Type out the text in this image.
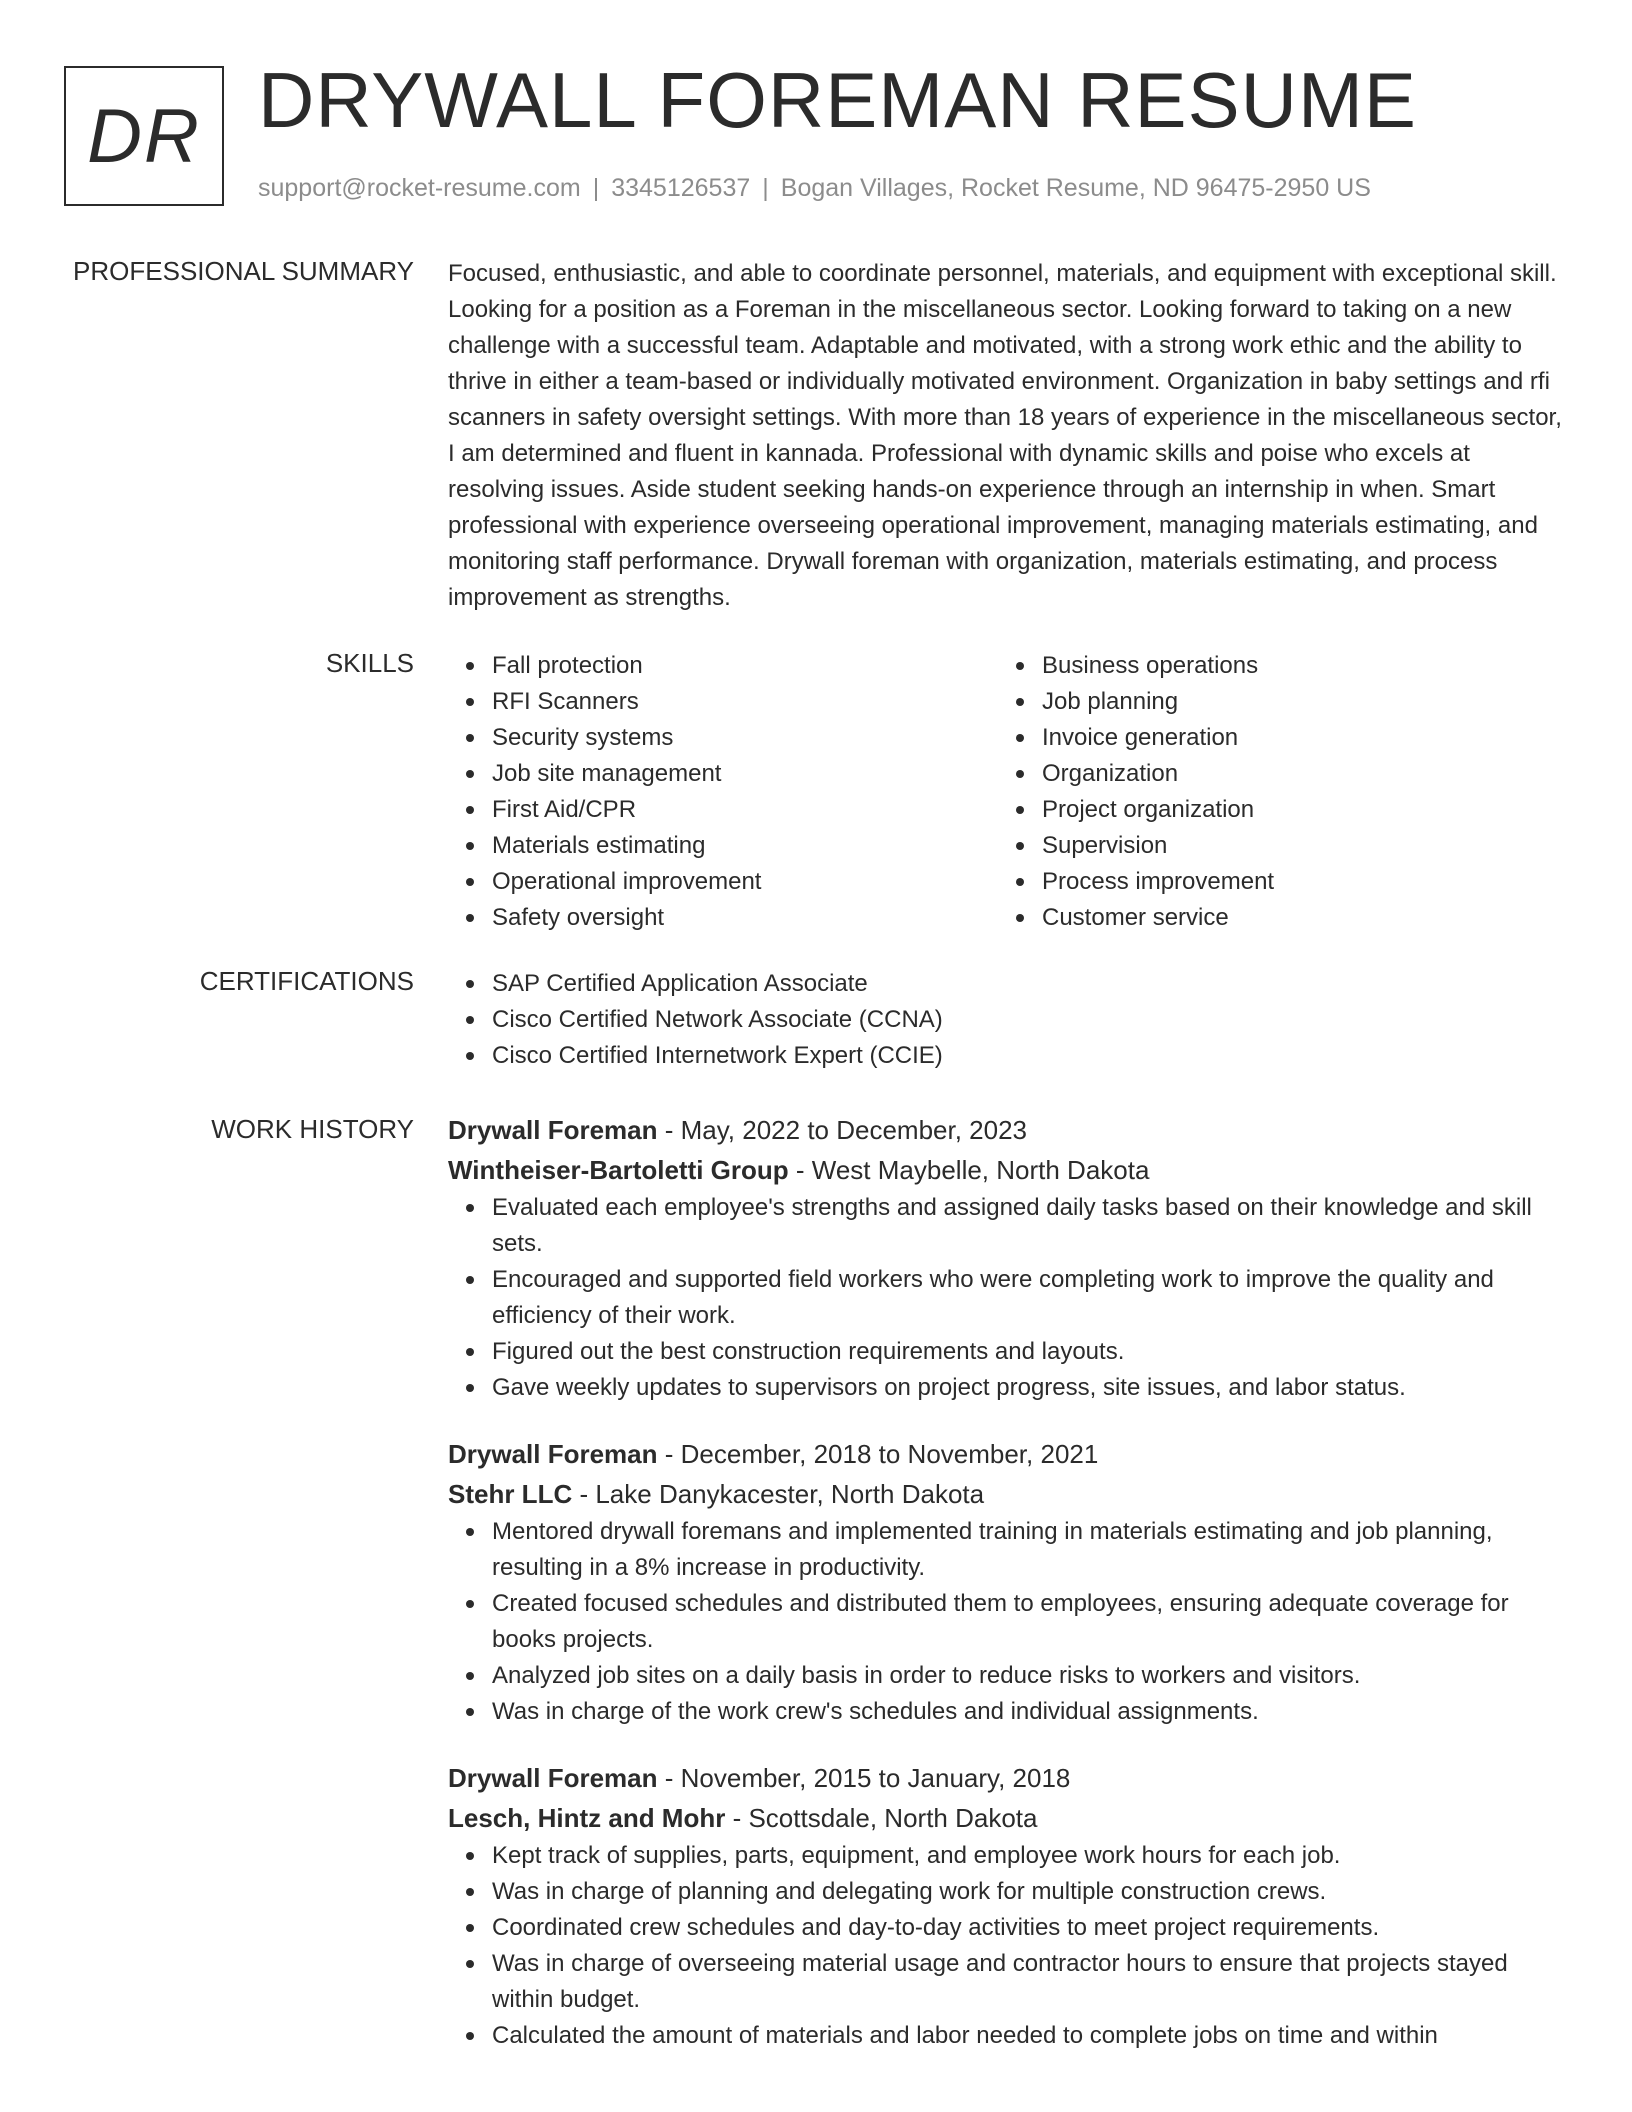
DR DRYWALL FOREMAN RESUME
support@rocket-resume.com | 3345126537 | Bogan Villages, Rocket Resume, ND 96475-2950 US
PROFESSIONAL SUMMARY Focused, enthusiastic, and able to coordinate personnel, materials, and equipment with exceptional skill. Looking for a position as a Foreman in the miscellaneous sector. Looking forward to taking on a new challenge with a successful team. Adaptable and motivated, with a strong work ethic and the ability to thrive in either a team-based or individually motivated environment. Organization in baby settings and rfi scanners in safety oversight settings. With more than 18 years of experience in the miscellaneous sector, I am determined and fluent in kannada. Professional with dynamic skills and poise who excels at resolving issues. Aside student seeking hands-on experience through an internship in when. Smart professional with experience overseeing operational improvement, managing materials estimating, and monitoring staff performance. Drywall foreman with organization, materials estimating, and process improvement as strengths.

SKILLS	Fall protection
RFI Scanners
Security systems
Job site management
First Aid/CPR
Materials estimating
Operational improvement
Safety oversight
Business operations
Job planning
Invoice generation
Organization
Project organization
Supervision
Process improvement
Customer service
CERTIFICATIONS	SAP Certified Application Associate
Cisco Certified Network Associate (CCNA)
Cisco Certified Internetwork Expert (CCIE)
WORK HISTORY Drywall Foreman - May, 2022 to December, 2023
Wintheiser-Bartoletti Group - West Maybelle, North Dakota
Evaluated each employee's strengths and assigned daily tasks based on their knowledge and skill sets.
Encouraged and supported field workers who were completing work to improve the quality and efficiency of their work.
Figured out the best construction requirements and layouts.
Gave weekly updates to supervisors on project progress, site issues, and labor status.
Drywall Foreman - December, 2018 to November, 2021
Stehr LLC - Lake Danykacester, North Dakota
Mentored drywall foremans and implemented training in materials estimating and job planning, resulting in a 8% increase in productivity.
Created focused schedules and distributed them to employees, ensuring adequate coverage for books projects.
Analyzed job sites on a daily basis in order to reduce risks to workers and visitors.
Was in charge of the work crew's schedules and individual assignments.
Drywall Foreman - November, 2015 to January, 2018
Lesch, Hintz and Mohr - Scottsdale, North Dakota
Kept track of supplies, parts, equipment, and employee work hours for each job.
Was in charge of planning and delegating work for multiple construction crews.
Coordinated crew schedules and day-to-day activities to meet project requirements.
Was in charge of overseeing material usage and contractor hours to ensure that projects stayed within budget.
Calculated the amount of materials and labor needed to complete jobs on time and within
